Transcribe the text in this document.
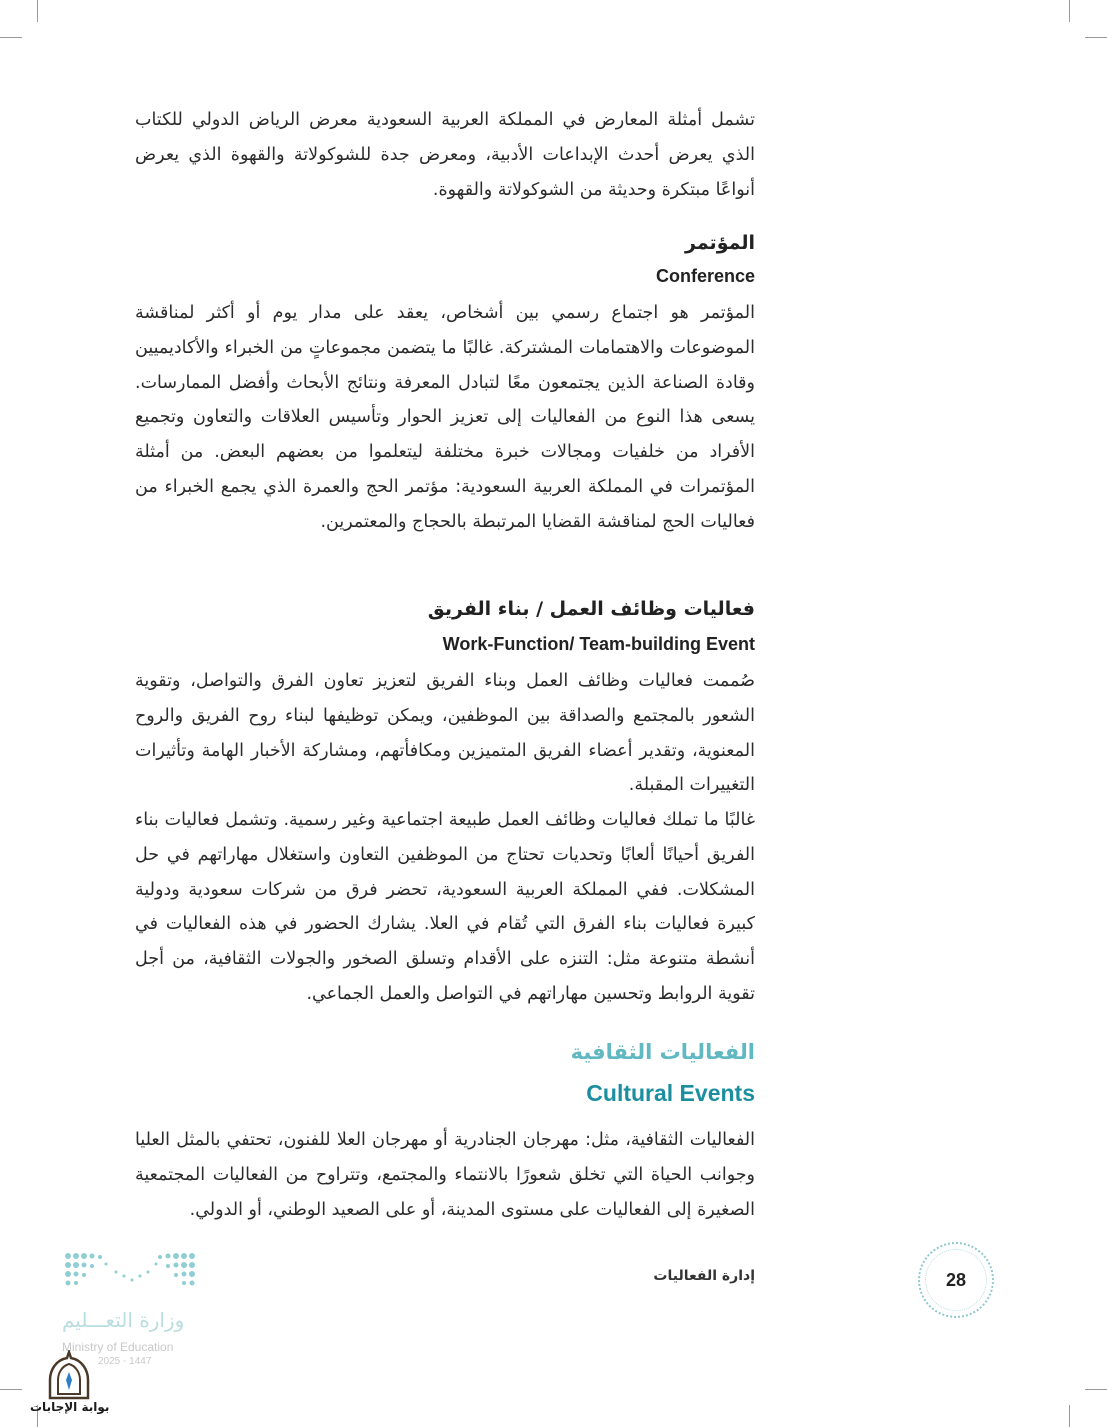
تشمل أمثلة المعارض في المملكة العربية السعودية معرض الرياض الدولي للكتاب الذي يعرض أحدث الإبداعات الأدبية، ومعرض جدة للشوكولاتة والقهوة الذي يعرض أنواعًا مبتكرة وحديثة من الشوكولاتة والقهوة.

المؤتمر
Conference

المؤتمر هو اجتماع رسمي بين أشخاص، يعقد على مدار يوم أو أكثر لمناقشة الموضوعات والاهتمامات المشتركة. غالبًا ما يتضمن مجموعاتٍ من الخبراء والأكاديميين وقادة الصناعة الذين يجتمعون معًا لتبادل المعرفة ونتائج الأبحاث وأفضل الممارسات. يسعى هذا النوع من الفعاليات إلى تعزيز الحوار وتأسيس العلاقات والتعاون وتجميع الأفراد من خلفيات ومجالات خبرة مختلفة ليتعلموا من بعضهم البعض. من أمثلة المؤتمرات في المملكة العربية السعودية: مؤتمر الحج والعمرة الذي يجمع الخبراء من فعاليات الحج لمناقشة القضايا المرتبطة بالحجاج والمعتمرين.

فعاليات وظائف العمل / بناء الفريق
Work-Function/ Team-building Event

صُممت فعاليات وظائف العمل وبناء الفريق لتعزيز تعاون الفرق والتواصل، وتقوية الشعور بالمجتمع والصداقة بين الموظفين، ويمكن توظيفها لبناء روح الفريق والروح المعنوية، وتقدير أعضاء الفريق المتميزين ومكافأتهم، ومشاركة الأخبار الهامة وتأثيرات التغييرات المقبلة.

غالبًا ما تملك فعاليات وظائف العمل طبيعة اجتماعية وغير رسمية. وتشمل فعاليات بناء الفريق أحيانًا ألعابًا وتحديات تحتاج من الموظفين التعاون واستغلال مهاراتهم في حل المشكلات. ففي المملكة العربية السعودية، تحضر فرق من شركات سعودية ودولية كبيرة فعاليات بناء الفرق التي تُقام في العلا. يشارك الحضور في هذه الفعاليات في أنشطة متنوعة مثل: التنزه على الأقدام وتسلق الصخور والجولات الثقافية، من أجل تقوية الروابط وتحسين مهاراتهم في التواصل والعمل الجماعي.

الفعاليات الثقافية
Cultural Events

الفعاليات الثقافية، مثل: مهرجان الجنادرية أو مهرجان العلا للفنون، تحتفي بالمثل العليا وجوانب الحياة التي تخلق شعورًا بالانتماء والمجتمع، وتتراوح من الفعاليات المجتمعية الصغيرة إلى الفعاليات على مستوى المدينة، أو على الصعيد الوطني، أو الدولي.

إدارة الفعاليات	28
وزارة التعـــليم
Ministry of Education
2025 - 1447
بوابة الإجابات
